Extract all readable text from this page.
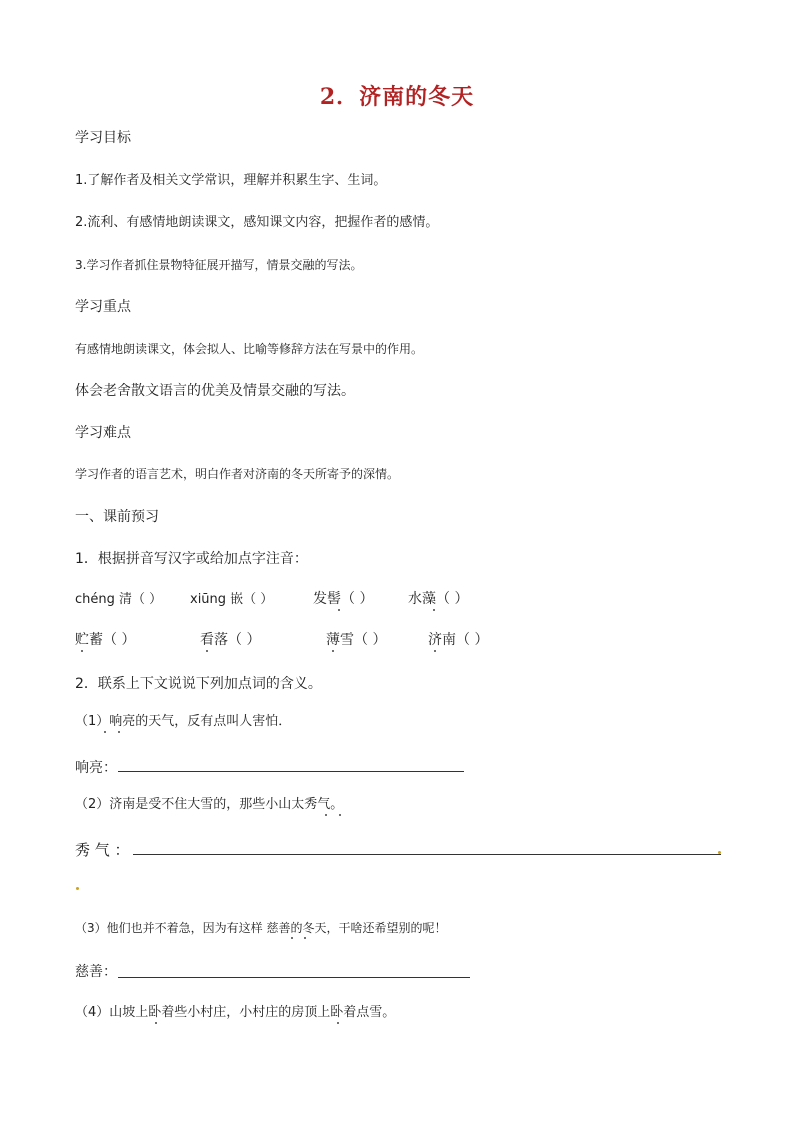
2．济南的冬天
学习目标
1.了解作者及相关文学常识，理解并积累生字、生词。
2.流利、有感情地朗读课文，感知课文内容，把握作者的感情。
3.学习作者抓住景物特征展开描写，情景交融的写法。
学习重点
有感情地朗读课文，体会拟人、比喻等修辞方法在写景中的作用。
体会老舍散文语言的优美及情景交融的写法。
学习难点
学习作者的语言艺术，明白作者对济南的冬天所寄予的深情。
一、课前预习
1．根据拼音写汉字或给加点字注音：
chéng 清（ ） xiūng 嵌（ ）	发髻（ ） 水藻（ ）
贮蓄（ ）	看落（ ）	薄雪（ ）	济南（ ）
2．联系上下文说说下列加点词的含义。
（1）响亮的天气，反有点叫人害怕．
响亮：
（2）济南是受不住大雪的，那些小山太秀气。
秀 气 ：
（3）他们也并不着急，因为有这样 慈善的冬天，干啥还希望别的呢！
慈善：
（4）山坡上卧着些小村庄，小村庄的房顶上卧着点雪。
